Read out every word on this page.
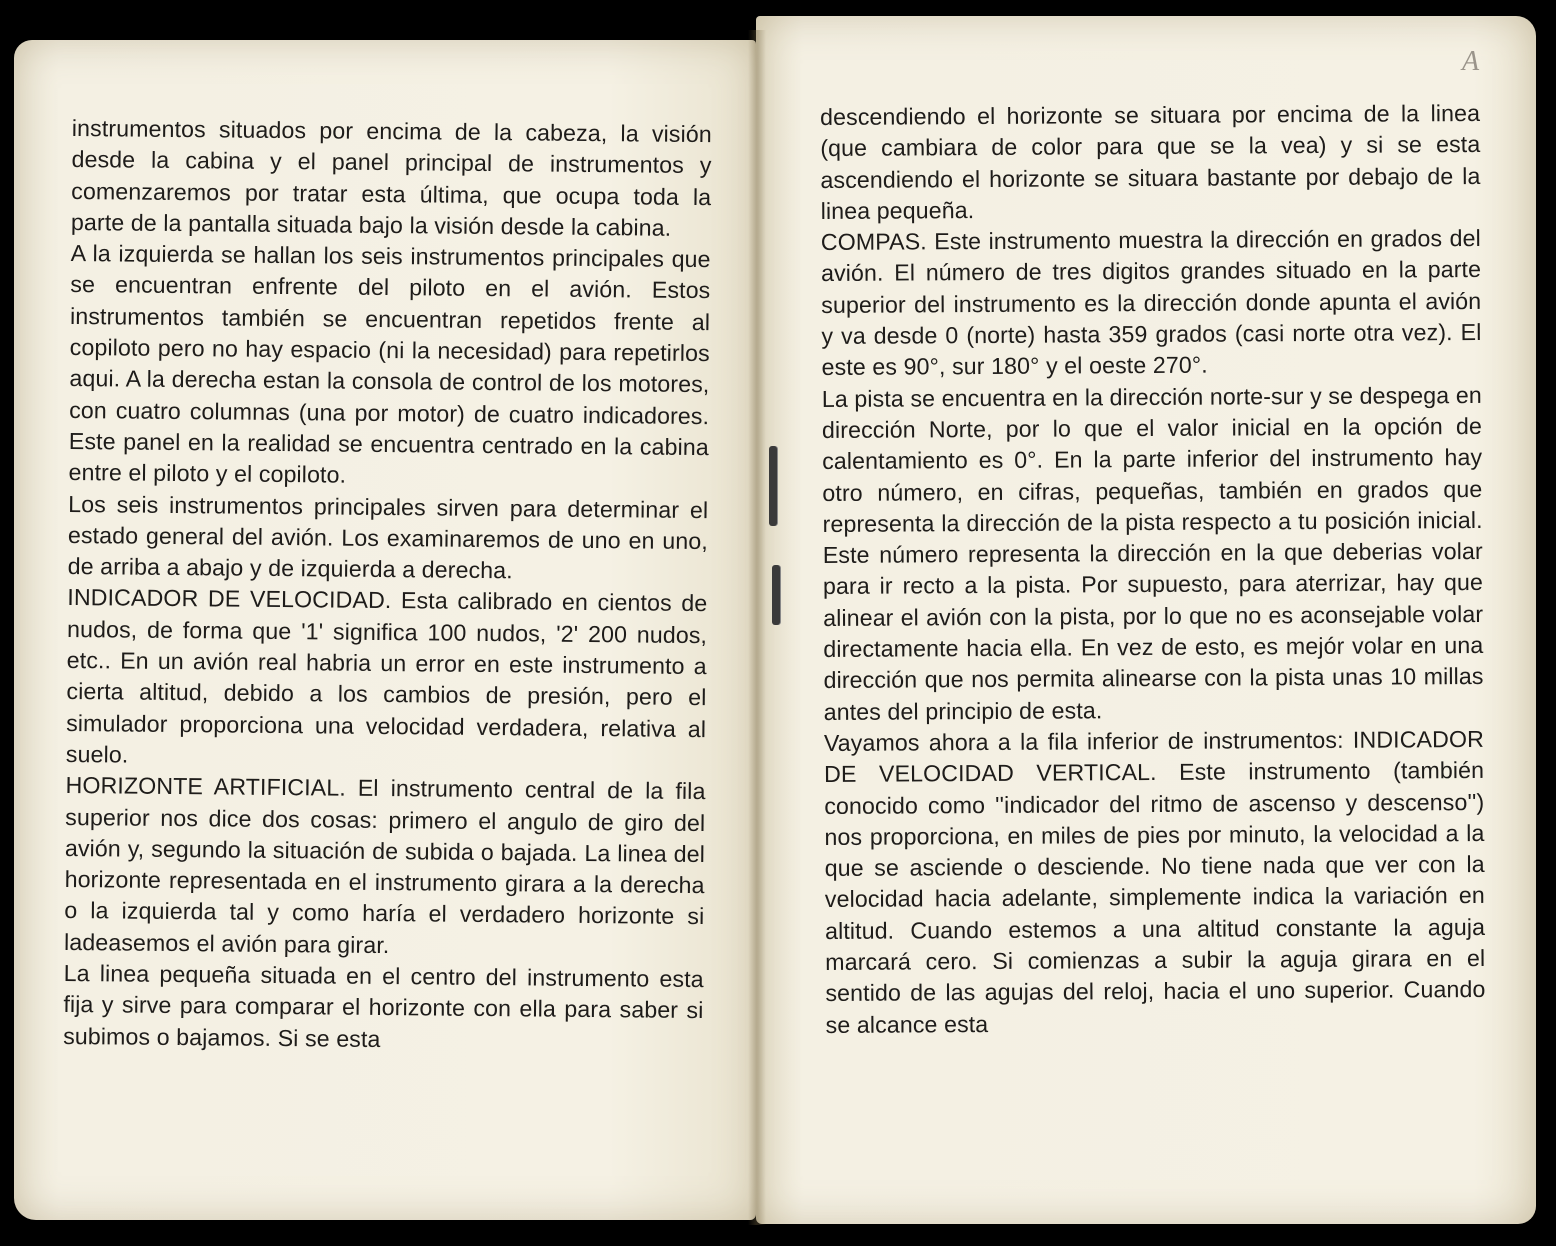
A

instrumentos situados por encima de la cabeza, la visión desde la cabina y el panel principal de instrumentos y comenzaremos por tratar esta última, que ocupa toda la parte de la pantalla situada bajo la visión desde la cabina.

A la izquierda se hallan los seis instrumentos principales que se encuentran enfrente del piloto en el avión. Estos instrumentos también se encuentran repetidos frente al copiloto pero no hay espacio (ni la necesidad) para repetirlos aqui. A la derecha estan la consola de control de los motores, con cuatro columnas (una por motor) de cuatro indicadores. Este panel en la realidad se encuentra centrado en la cabina entre el piloto y el copiloto.

Los seis instrumentos principales sirven para determinar el estado general del avión. Los examinaremos de uno en uno, de arriba a abajo y de izquierda a derecha.

INDICADOR DE VELOCIDAD. Esta calibrado en cientos de nudos, de forma que '1' significa 100 nudos, '2' 200 nudos, etc.. En un avión real habria un error en este instrumento a cierta altitud, debido a los cambios de presión, pero el simulador proporciona una velocidad verdadera, relativa al suelo.

HORIZONTE ARTIFICIAL. El instrumento central de la fila superior nos dice dos cosas: primero el angulo de giro del avión y, segundo la situación de subida o bajada. La linea del horizonte representada en el instrumento girara a la derecha o la izquierda tal y como haría el verdadero horizonte si ladeasemos el avión para girar.

La linea pequeña situada en el centro del instrumento esta fija y sirve para comparar el horizonte con ella para saber si subimos o bajamos. Si se esta

descendiendo el horizonte se situara por encima de la linea (que cambiara de color para que se la vea) y si se esta ascendiendo el horizonte se situara bastante por debajo de la linea pequeña.

COMPAS. Este instrumento muestra la dirección en grados del avión. El número de tres digitos grandes situado en la parte superior del instrumento es la dirección donde apunta el avión y va desde 0 (norte) hasta 359 grados (casi norte otra vez). El este es 90°, sur 180° y el oeste 270°.

La pista se encuentra en la dirección norte-sur y se despega en dirección Norte, por lo que el valor inicial en la opción de calentamiento es 0°. En la parte inferior del instrumento hay otro número, en cifras, pequeñas, también en grados que representa la dirección de la pista respecto a tu posición inicial. Este número representa la dirección en la que deberias volar para ir recto a la pista. Por supuesto, para aterrizar, hay que alinear el avión con la pista, por lo que no es aconsejable volar directamente hacia ella. En vez de esto, es mejór volar en una dirección que nos permita alinearse con la pista unas 10 millas antes del principio de esta.

Vayamos ahora a la fila inferior de instrumentos: INDICADOR DE VELOCIDAD VERTICAL. Este instrumento (también conocido como ''indicador del ritmo de ascenso y descenso'') nos proporciona, en miles de pies por minuto, la velocidad a la que se asciende o desciende. No tiene nada que ver con la velocidad hacia adelante, simplemente indica la variación en altitud. Cuando estemos a una altitud constante la aguja marcará cero. Si comienzas a subir la aguja girara en el sentido de las agujas del reloj, hacia el uno superior. Cuando se alcance esta
